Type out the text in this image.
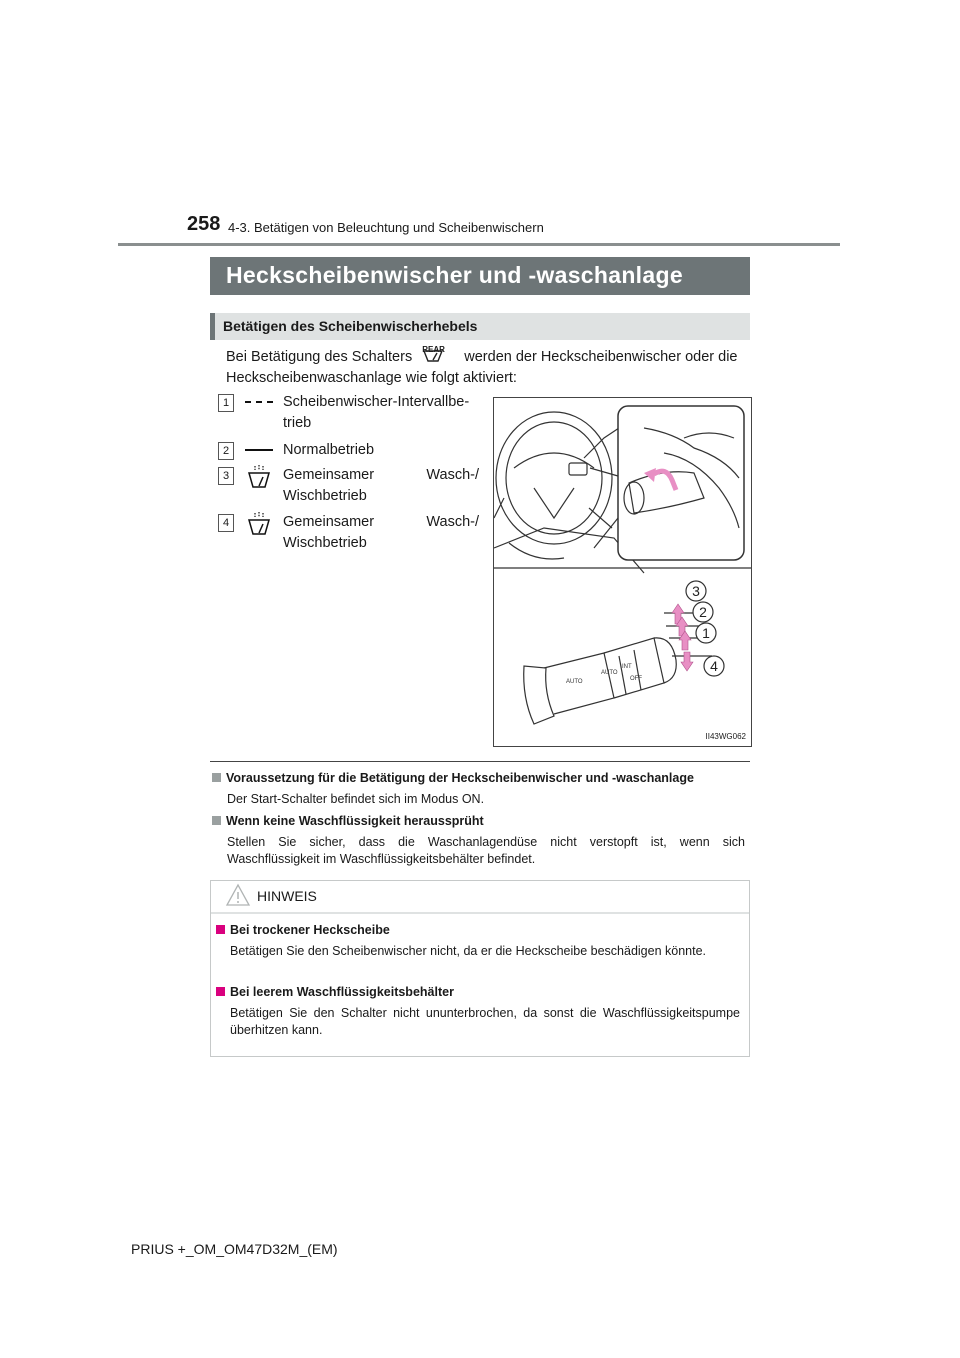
258 4-3. Betätigen von Beleuchtung und Scheibenwischern
Heckscheibenwischer und -waschanlage
Betätigen des Scheibenwischerhebels
Bei Betätigung des Schalters REAR werden der Heckscheibenwischer oder die Heckscheibenwaschanlage wie folgt aktiviert:
1	Scheibenwischer-Intervallbe-
trieb
2	Normalbetrieb
3	Gemeinsamer Wasch-/
Wischbetrieb
4	Gemeinsamer Wasch-/
Wischbetrieb
AUTO
AUTO
INT
OFF
3
2
1
4
II43WG062
Voraussetzung für die Betätigung der Heckscheibenwischer und -waschanlage
Der Start-Schalter befindet sich im Modus ON.
Wenn keine Waschflüssigkeit heraussprüht
Stellen Sie sicher, dass die Waschanlagendüse nicht verstopft ist, wenn sich Waschflüssigkeit im Waschflüssigkeitsbehälter befindet.
HINWEIS
Bei trockener Heckscheibe
Betätigen Sie den Scheibenwischer nicht, da er die Heckscheibe beschädigen könnte.
Bei leerem Waschflüssigkeitsbehälter
Betätigen Sie den Schalter nicht ununterbrochen, da sonst die Waschflüssigkeitspumpe überhitzen kann.
PRIUS +_OM_OM47D32M_(EM)
